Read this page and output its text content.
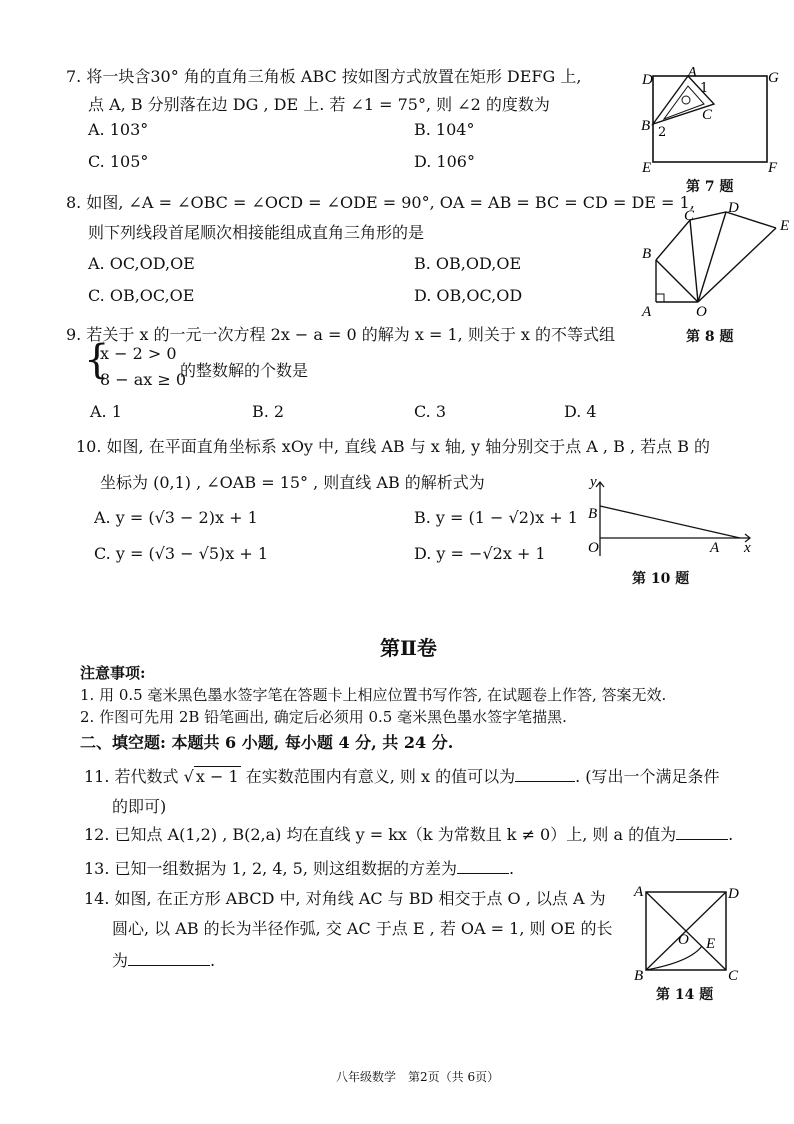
7. 将一块含30° 角的直角三角板 ABC 按如图方式放置在矩形 DEFG 上,
点 A, B 分别落在边 DG , DE 上. 若 ∠1 = 75°, 则 ∠2 的度数为
A. 103°	B. 104°
C. 105°	D. 106°
D	A	G
1
C
B 2
E	F
第 7 题
8. 如图, ∠A = ∠OBC = ∠OCD = ∠ODE = 90°, OA = AB = BC = CD = DE = 1,
则下列线段首尾顺次相接能组成直角三角形的是
A. OC,OD,OE	B. OB,OD,OE
C. OB,OC,OE	D. OB,OC,OD
C D
E
B
A	O
第 8 题
9. 若关于 x 的一元一次方程 2x − a = 0 的解为 x = 1, 则关于 x 的不等式组
{
x − 2 > 0
8 − ax ≥ 0
的整数解的个数是
A. 1	B. 2	C. 3	D. 4
10. 如图, 在平面直角坐标系 xOy 中, 直线 AB 与 x 轴, y 轴分别交于点 A , B , 若点 B 的
坐标为 (0,1) , ∠OAB = 15° , 则直线 AB 的解析式为
A. y = (√3 − 2)x + 1	B. y = (1 − √2)x + 1
C. y = (√3 − √5)x + 1	D. y = −√2x + 1
y
B
O	A x
第 10 题
第Ⅱ卷
注意事项:
1. 用 0.5 毫米黑色墨水签字笔在答题卡上相应位置书写作答, 在试题卷上作答, 答案无效.
2. 作图可先用 2B 铅笔画出, 确定后必须用 0.5 毫米黑色墨水签字笔描黑.
二、填空题: 本题共 6 小题, 每小题 4 分, 共 24 分.
11. 若代数式 √ x − 1 在实数范围内有意义, 则 x 的值可以为	. (写出一个满足条件
的即可)
12. 已知点 A(1,2) , B(2,a) 均在直线 y = kx（k 为常数且 k ≠ 0）上, 则 a 的值为	.
13. 已知一组数据为 1, 2, 4, 5, 则这组数据的方差为	.
14. 如图, 在正方形 ABCD 中, 对角线 AC 与 BD 相交于点 O , 以点 A 为
圆心, 以 AB 的长为半径作弧, 交 AC 于点 E , 若 OA = 1, 则 OE 的长
为	.
A	D
O E
B	C
第 14 题
八年级数学　第2页（共 6页）
